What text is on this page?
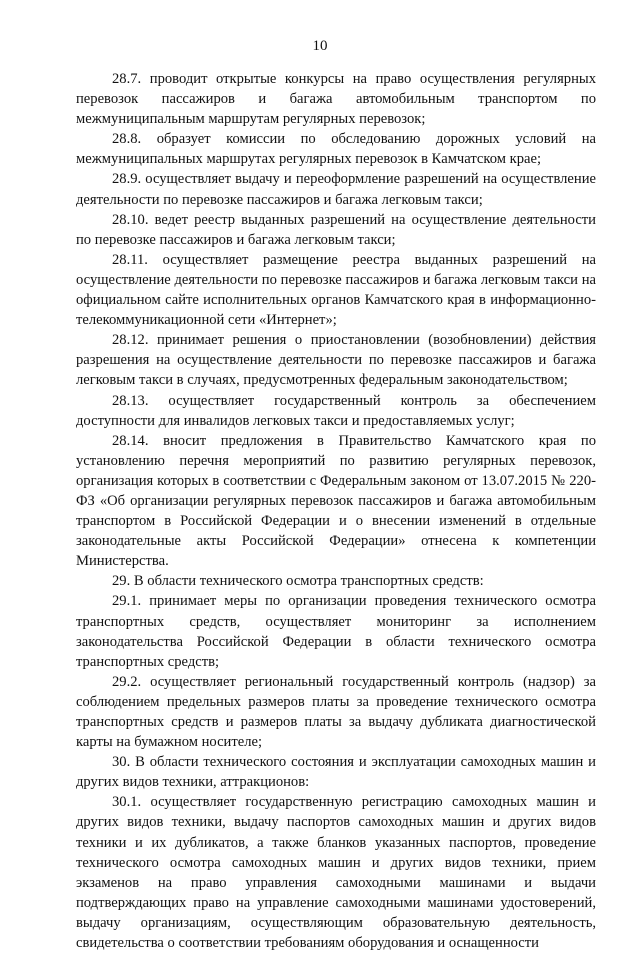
10

28.7. проводит открытые конкурсы на право осуществления регулярных перевозок пассажиров и багажа автомобильным транспортом по межмуниципальным маршрутам регулярных перевозок;

28.8. образует комиссии по обследованию дорожных условий на межмуниципальных маршрутах регулярных перевозок в Камчатском крае;

28.9. осуществляет выдачу и переоформление разрешений на осуществление деятельности по перевозке пассажиров и багажа легковым такси;

28.10. ведет реестр выданных разрешений на осуществление деятельности по перевозке пассажиров и багажа легковым такси;

28.11. осуществляет размещение реестра выданных разрешений на осуществление деятельности по перевозке пассажиров и багажа легковым такси на официальном сайте исполнительных органов Камчатского края в информационно-телекоммуникационной сети «Интернет»;

28.12. принимает решения о приостановлении (возобновлении) действия разрешения на осуществление деятельности по перевозке пассажиров и багажа легковым такси в случаях, предусмотренных федеральным законодательством;

28.13. осуществляет государственный контроль за обеспечением доступности для инвалидов легковых такси и предоставляемых услуг;

28.14. вносит предложения в Правительство Камчатского края по установлению перечня мероприятий по развитию регулярных перевозок, организация которых в соответствии с Федеральным законом от 13.07.2015 № 220-ФЗ «Об организации регулярных перевозок пассажиров и багажа автомобильным транспортом в Российской Федерации и о внесении изменений в отдельные законодательные акты Российской Федерации» отнесена к компетенции Министерства.

29. В области технического осмотра транспортных средств:

29.1. принимает меры по организации проведения технического осмотра транспортных средств, осуществляет мониторинг за исполнением законодательства Российской Федерации в области технического осмотра транспортных средств;

29.2. осуществляет региональный государственный контроль (надзор) за соблюдением предельных размеров платы за проведение технического осмотра транспортных средств и размеров платы за выдачу дубликата диагностической карты на бумажном носителе;

30. В области технического состояния и эксплуатации самоходных машин и других видов техники, аттракционов:

30.1. осуществляет государственную регистрацию самоходных машин и других видов техники, выдачу паспортов самоходных машин и других видов техники и их дубликатов, а также бланков указанных паспортов, проведение технического осмотра самоходных машин и других видов техники, прием экзаменов на право управления самоходными машинами и выдачи подтверждающих право на управление самоходными машинами удостоверений, выдачу организациям, осуществляющим образовательную деятельность, свидетельства о соответствии требованиям оборудования и оснащенности
